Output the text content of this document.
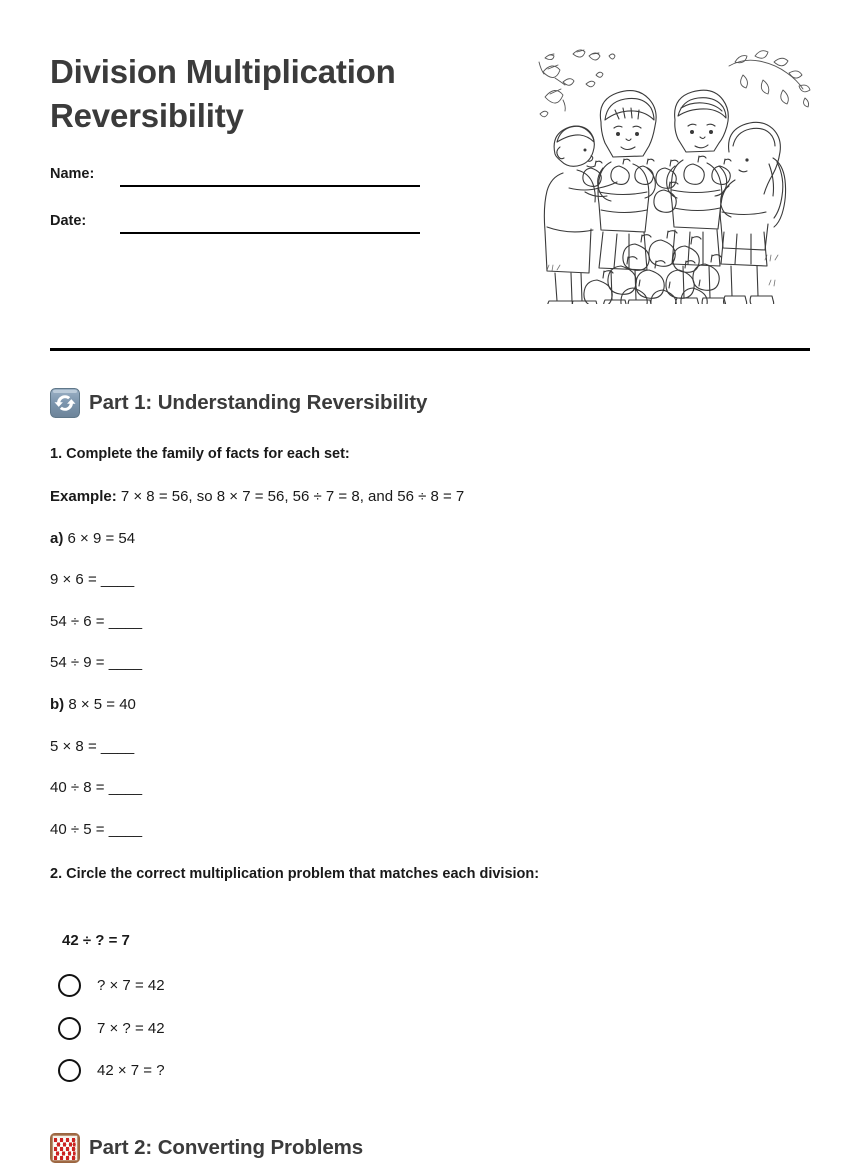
Division Multiplication Reversibility
Name:
Date:
Part 1: Understanding Reversibility
1. Complete the family of facts for each set:
Example: 7 × 8 = 56, so 8 × 7 = 56, 56 ÷ 7 = 8, and 56 ÷ 8 = 7
a) 6 × 9 = 54
9 × 6 = ____
54 ÷ 6 = ____
54 ÷ 9 = ____
b) 8 × 5 = 40
5 × 8 = ____
40 ÷ 8 = ____
40 ÷ 5 = ____
2. Circle the correct multiplication problem that matches each division:
42 ÷ ? = 7
? × 7 = 42
7 × ? = 42
42 × 7 = ?
Part 2: Converting Problems
